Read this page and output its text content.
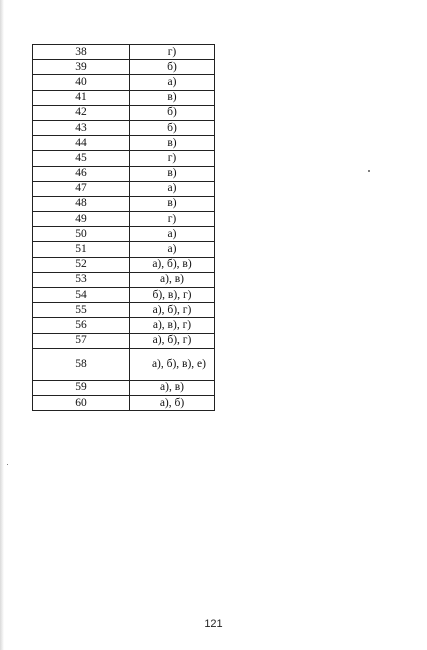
38	г)
39	б)
40	а)
41	в)
42	б)
43	б)
44	в)
45	г)
46	в)
47	а)
48	в)
49	г)
50	а)
51	а)
52	а), б), в)
53	а), в)
54	б), в), г)
55	а), б), г)
56	а), в), г)
57	а), б), г)
58	а), б), в), е)
59	а), в)
60	а), б)
121
